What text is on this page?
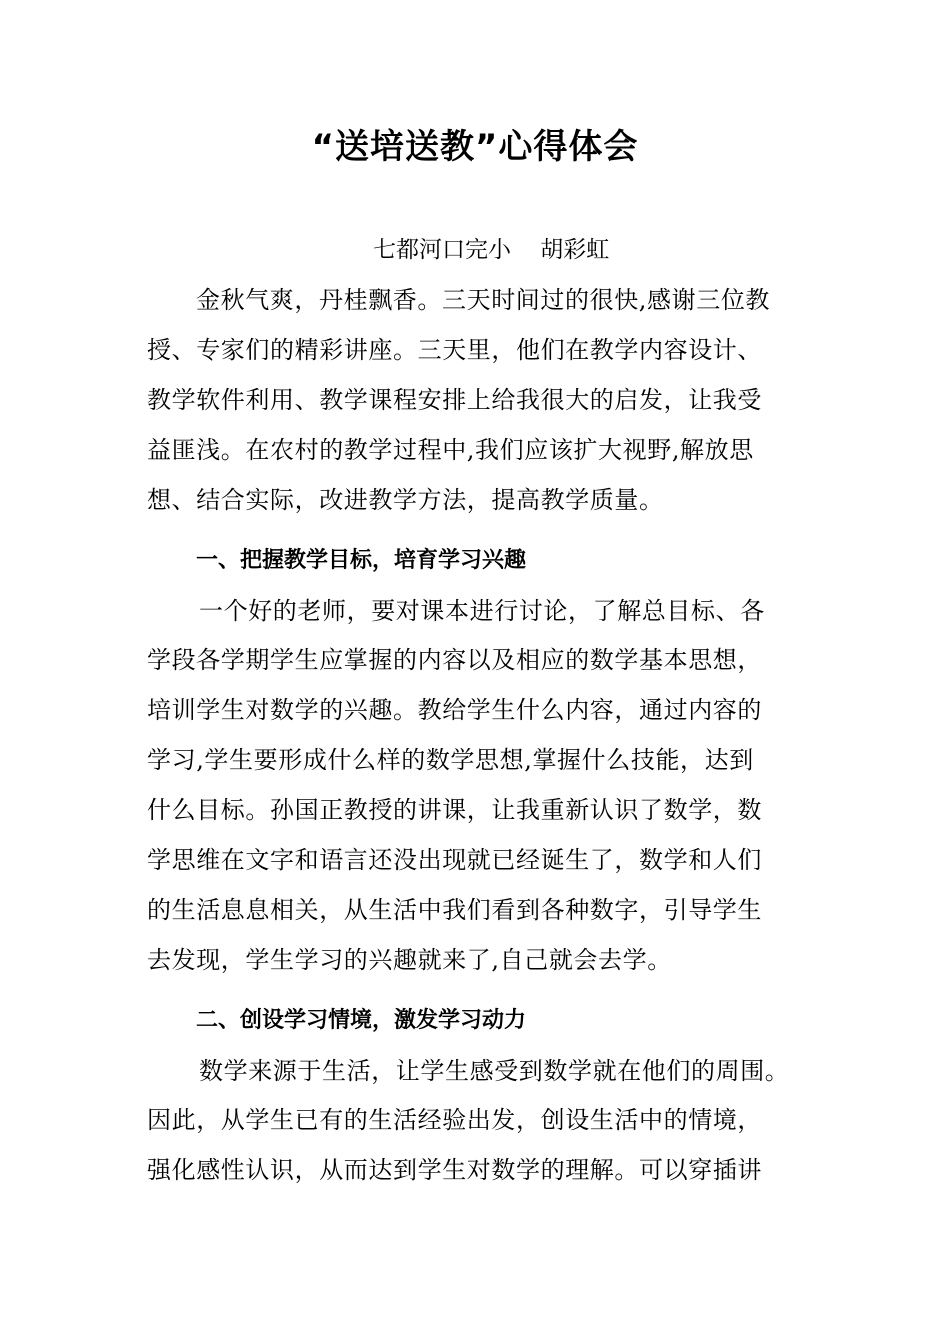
“送培送教”心得体会
七都河口完小    胡彩虹
金秋气爽，丹桂飘香。三天时间过的很快,感谢三位教
授、专家们的精彩讲座。三天里，他们在教学内容设计、
教学软件利用、教学课程安排上给我很大的启发，让我受
益匪浅。在农村的教学过程中,我们应该扩大视野,解放思
想、结合实际，改进教学方法，提高教学质量。
一、把握教学目标，培育学习兴趣
一个好的老师，要对课本进行讨论，了解总目标、各
学段各学期学生应掌握的内容以及相应的数学基本思想，
培训学生对数学的兴趣。教给学生什么内容，通过内容的
学习,学生要形成什么样的数学思想,掌握什么技能，达到
什么目标。孙国正教授的讲课，让我重新认识了数学，数
学思维在文字和语言还没出现就已经诞生了，数学和人们
的生活息息相关，从生活中我们看到各种数字，引导学生
去发现，学生学习的兴趣就来了,自己就会去学。
二、创设学习情境，激发学习动力
数学来源于生活，让学生感受到数学就在他们的周围。
因此，从学生已有的生活经验出发，创设生活中的情境，
强化感性认识，从而达到学生对数学的理解。可以穿插讲
